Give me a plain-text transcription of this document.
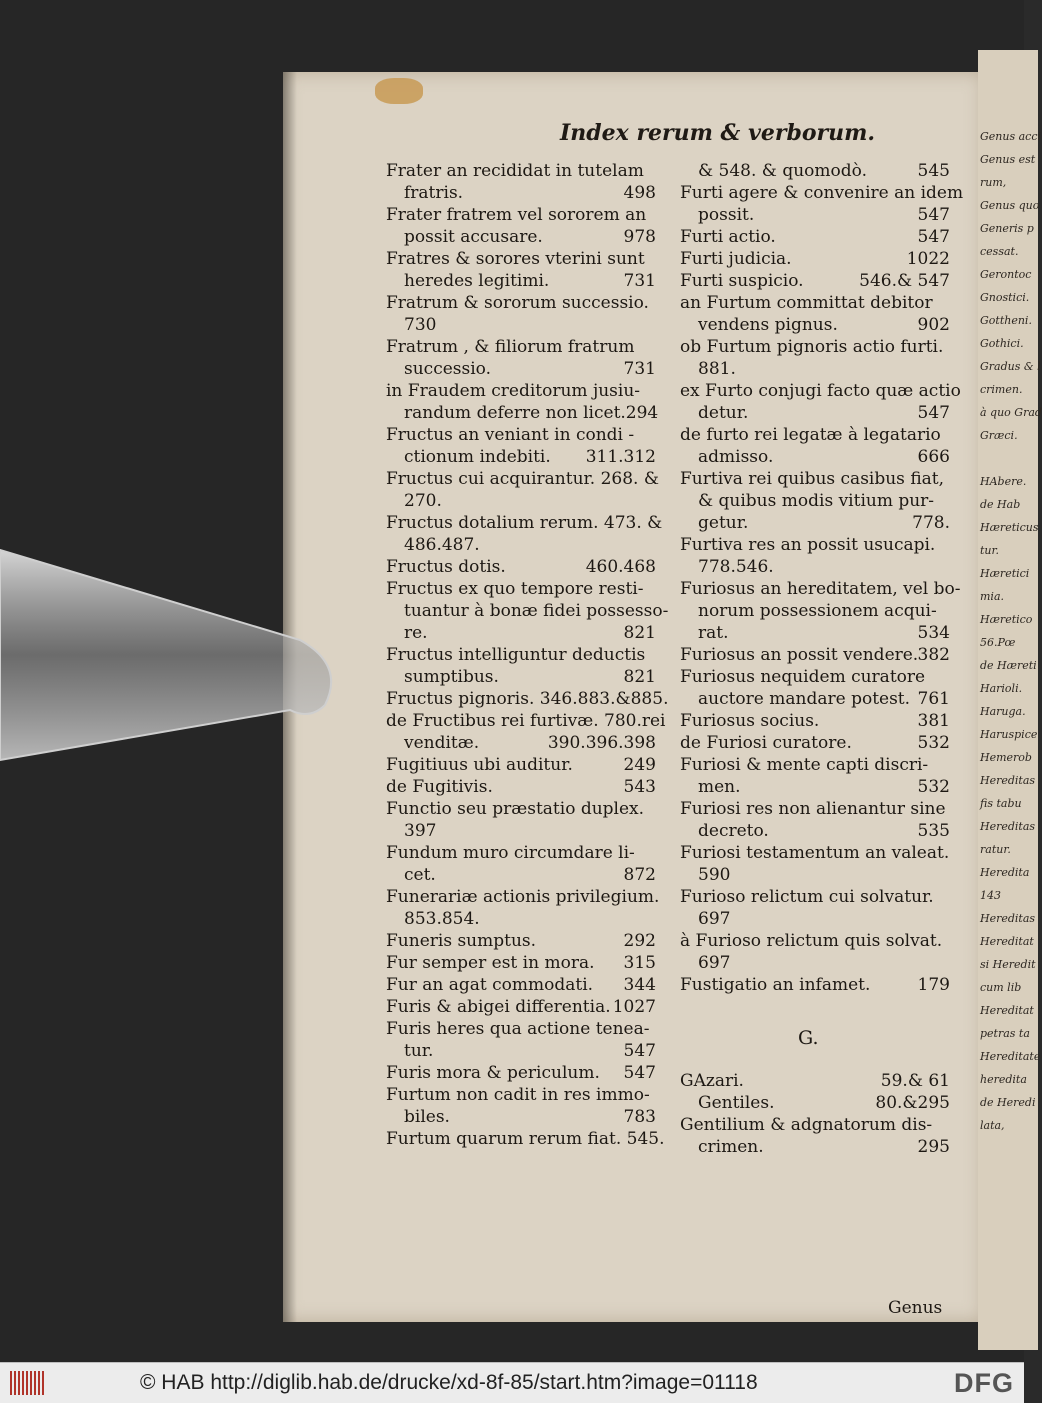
Genus acci
Genus est
rum,
Genus quo
Generis p
cessat.
Gerontoc
Gnostici.
Gottheni.
Gothici.
Gradus & l
crimen.
à quo Grad
Græci.
HAbere.
de Hab
Hæreticus
tur.
Hæretici
mia.
Hæretico
56.Pœ
de Hæreti
Harioli.
Haruga.
Haruspice
Hemerob
Hereditas
fis tabu
Hereditas
ratur.
Heredita
143
Hereditas
Hereditat
si Heredit
cum lib
Hereditat
petras ta
Hereditate
heredita
de Heredi
lata,
Index rerum & verborum.
Frater an recididat in tutelam
fratris.	498
Frater fratrem vel sororem an
possit accusare.	978
Fratres & sorores vterini sunt
heredes legitimi.	731
Fratrum & sororum successio.
730
Fratrum , & filiorum fratrum
successio.	731
in Fraudem creditorum jusiu-
randum deferre non licet.294
Fructus an veniant in condi -
ctionum indebiti. 311.312
Fructus cui acquirantur. 268. &
270.
Fructus dotalium rerum. 473. &
486.487.
Fructus dotis.	460.468
Fructus ex quo tempore resti-
tuantur à bonæ fidei possesso-
re.	821
Fructus intelliguntur deductis
sumptibus.	821
Fructus pignoris. 346.883.&885.
de Fructibus rei furtivæ. 780.rei
venditæ.	390.396.398
Fugitiuus ubi auditur.	249
de Fugitivis.	543
Functio seu præstatio duplex.
397
Fundum muro circumdare li-
cet.	872
Funerariæ actionis privilegium.
853.854.
Funeris sumptus.	292
Fur semper est in mora. 315
Fur an agat commodati. 344
Furis & abigei differentia. 1027
Furis heres qua actione tenea-
tur.	547
Furis mora & periculum. 547
Furtum non cadit in res immo-
biles.	783
Furtum quarum rerum fiat. 545.
& 548. & quomodò.	545
Furti agere & convenire an idem
possit.	547
Furti actio.	547
Furti judicia.	1022
Furti suspicio.	546.& 547
an Furtum committat debitor
vendens pignus.	902
ob Furtum pignoris actio furti.
881.
ex Furto conjugi facto quæ actio
detur.	547
de furto rei legatæ à legatario
admisso.	666
Furtiva rei quibus casibus fiat,
& quibus modis vitium pur-
getur.	778.
Furtiva res an possit usucapi.
778.546.
Furiosus an hereditatem, vel bo-
norum possessionem acqui-
rat.	534
Furiosus an possit vendere. 382
Furiosus nequidem curatore
auctore mandare potest. 761
Furiosus socius.	381
de Furiosi curatore.	532
Furiosi & mente capti discri-
men.	532
Furiosi res non alienantur sine
decreto.	535
Furiosi testamentum an valeat.
590
Furioso relictum cui solvatur.
697
à Furioso relictum quis solvat.
697
Fustigatio an infamet.	179
G.
GAzari.	59.& 61
Gentiles.	80.&295
Gentilium & adgnatorum dis-
crimen.	295
Genus
© HAB http://diglib.hab.de/drucke/xd-8f-85/start.htm?image=01118	DFG
